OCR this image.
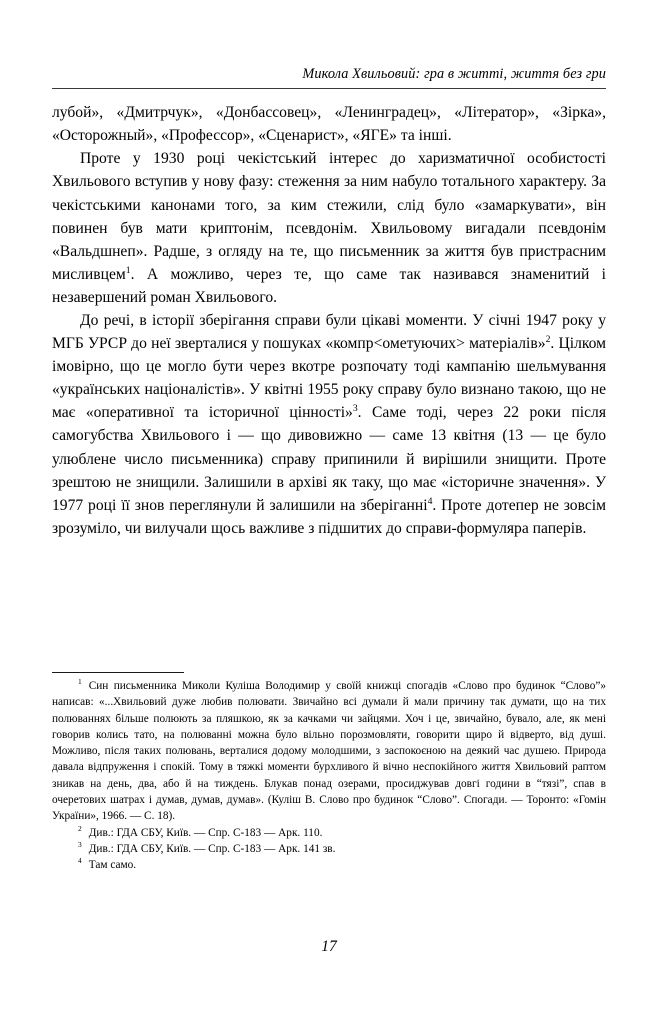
Микола Хвильовий: гра в житті, життя без гри

лубой», «Дмитрчук», «Донбассовец», «Ленинградец», «Літератор», «Зірка», «Осторожный», «Профессор», «Сценарист», «ЯГЕ» та інші.

Проте у 1930 році чекістський інтерес до харизматичної особистості Хвильового вступив у нову фазу: стеження за ним набуло тотального характеру. За чекістськими канонами того, за ким стежили, слід було «замаркувати», він повинен був мати криптонім, псевдонім. Хвильовому вигадали псевдонім «Вальдшнеп». Радше, з огляду на те, що письменник за життя був пристрасним мисливцем$^1$. А можливо, через те, що саме так називався знаменитий і незавершений роман Хвильового.

До речі, в історії зберігання справи були цікаві моменти. У січні 1947 року у МГБ УРСР до неї зверталися у пошуках «компр<ометуючих> матеріалів»$^2$. Цілком імовірно, що це могло бути через вкотре розпочату тоді кампанію шельмування «українських націоналістів». У квітні 1955 року справу було визнано такою, що не має «оперативної та історичної цінності»$^3$. Саме тоді, через 22 роки після самогубства Хвильового і — що дивовижно — саме 13 квітня (13 — це було улюблене число письменника) справу припинили й вирішили знищити. Проте зрештою не знищили. Залишили в архіві як таку, що має «історичне значення». У 1977 році її знов переглянули й залишили на зберіганні$^4$. Проте дотепер не зовсім зрозуміло, чи вилучали щось важливе з підшитих до справи-формуляра паперів.

$^1$ Син письменника Миколи Куліша Володимир у своїй книжці спогадів «Слово про будинок “Слово”» написав: «...Хвильовий дуже любив полювати. Звичайно всі думали й мали причину так думати, що на тих полюваннях більше полюють за пляшкою, як за качками чи зайцями. Хоч і це, звичайно, бувало, але, як мені говорив колись тато, на полюванні можна було вільно порозмовляти, говорити щиро й відверто, від душі. Можливо, після таких полювань, верталися додому молодшими, з заспокоєною на деякий час душею. Природа давала відпруження і спокій. Тому в тяжкі моменти бурхливого й вічно неспокійного життя Хвильовий раптом зникав на день, два, або й на тиждень. Блукав понад озерами, просиджував довгі години в “тязі”, спав в очеретових шатрах і думав, думав, думав». (Куліш В. Слово про будинок “Слово”. Спогади. — Торонто: «Гомін України», 1966. — С. 18).

$^2$ Див.: ГДА СБУ, Київ. — Спр. С-183 — Арк. 110.

$^3$ Див.: ГДА СБУ, Київ. — Спр. С-183 — Арк. 141 зв.

$^4$ Там само.

17
